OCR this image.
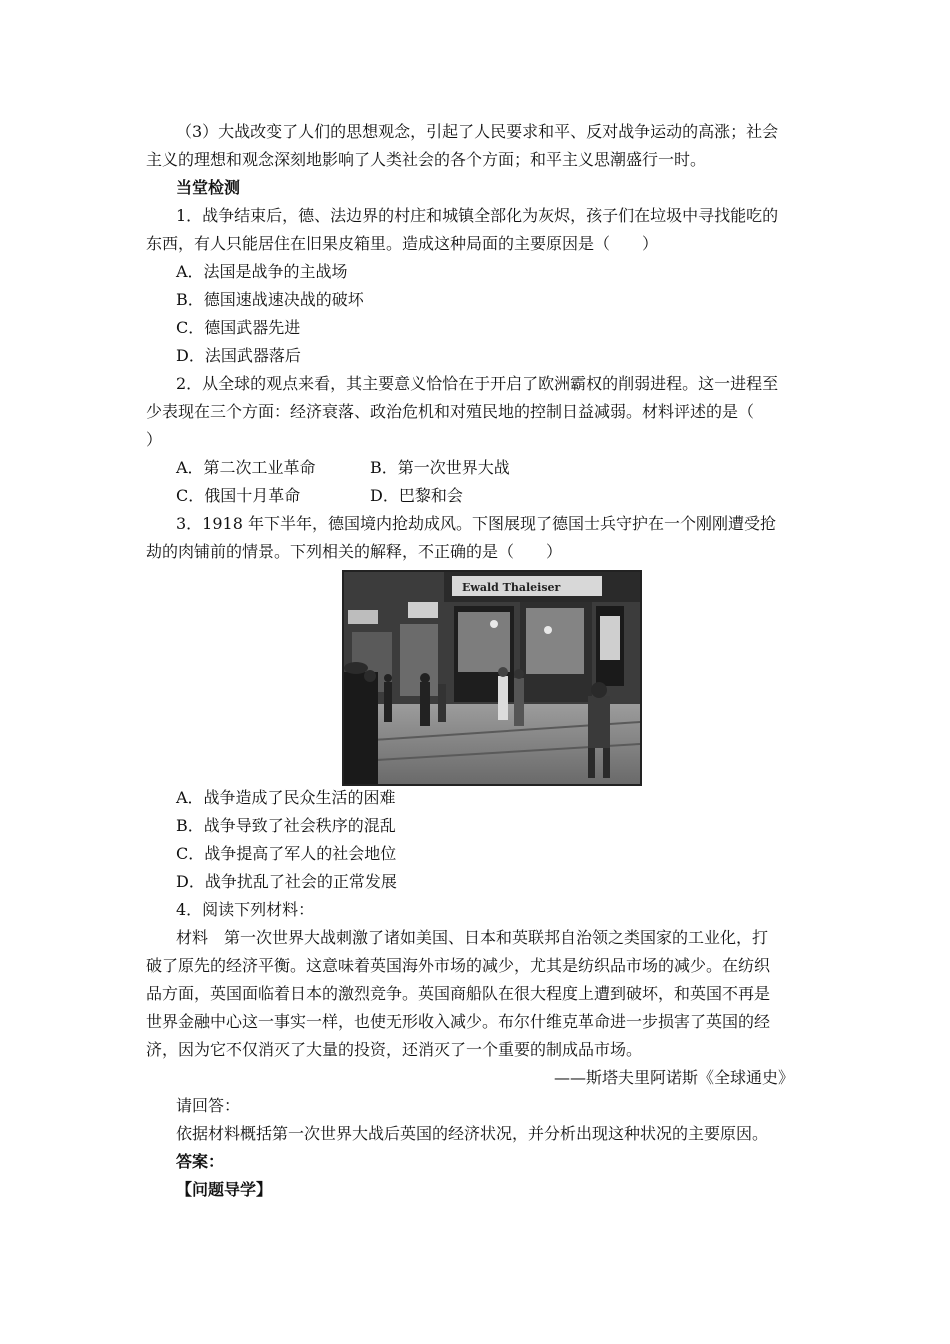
（3）大战改变了人们的思想观念，引起了人民要求和平、反对战争运动的高涨；社会
主义的理想和观念深刻地影响了人类社会的各个方面；和平主义思潮盛行一时。
当堂检测
1．战争结束后，德、法边界的村庄和城镇全部化为灰烬，孩子们在垃圾中寻找能吃的
东西，有人只能居住在旧果皮箱里。造成这种局面的主要原因是（　　）
A．法国是战争的主战场
B．德国速战速决战的破坏
C．德国武器先进
D．法国武器落后
2．从全球的观点来看，其主要意义恰恰在于开启了欧洲霸权的削弱进程。这一进程至
少表现在三个方面：经济衰落、政治危机和对殖民地的控制日益减弱。材料评述的是（
）
A．第二次工业革命	B．第一次世界大战
C．俄国十月革命	D．巴黎和会
3．1918 年下半年，德国境内抢劫成风。下图展现了德国士兵守护在一个刚刚遭受抢
劫的肉铺前的情景。下列相关的解释，不正确的是（　　）
Ewald Thaleiser
A．战争造成了民众生活的困难
B．战争导致了社会秩序的混乱
C．战争提高了军人的社会地位
D．战争扰乱了社会的正常发展
4．阅读下列材料：
材料　第一次世界大战刺激了诸如美国、日本和英联邦自治领之类国家的工业化，打
破了原先的经济平衡。这意味着英国海外市场的减少，尤其是纺织品市场的减少。在纺织
品方面，英国面临着日本的激烈竞争。英国商船队在很大程度上遭到破坏，和英国不再是
世界金融中心这一事实一样，也使无形收入减少。布尔什维克革命进一步损害了英国的经
济，因为它不仅消灭了大量的投资，还消灭了一个重要的制成品市场。
——斯塔夫里阿诺斯《全球通史》
请回答：
依据材料概括第一次世界大战后英国的经济状况，并分析出现这种状况的主要原因。
答案：
【问题导学】
